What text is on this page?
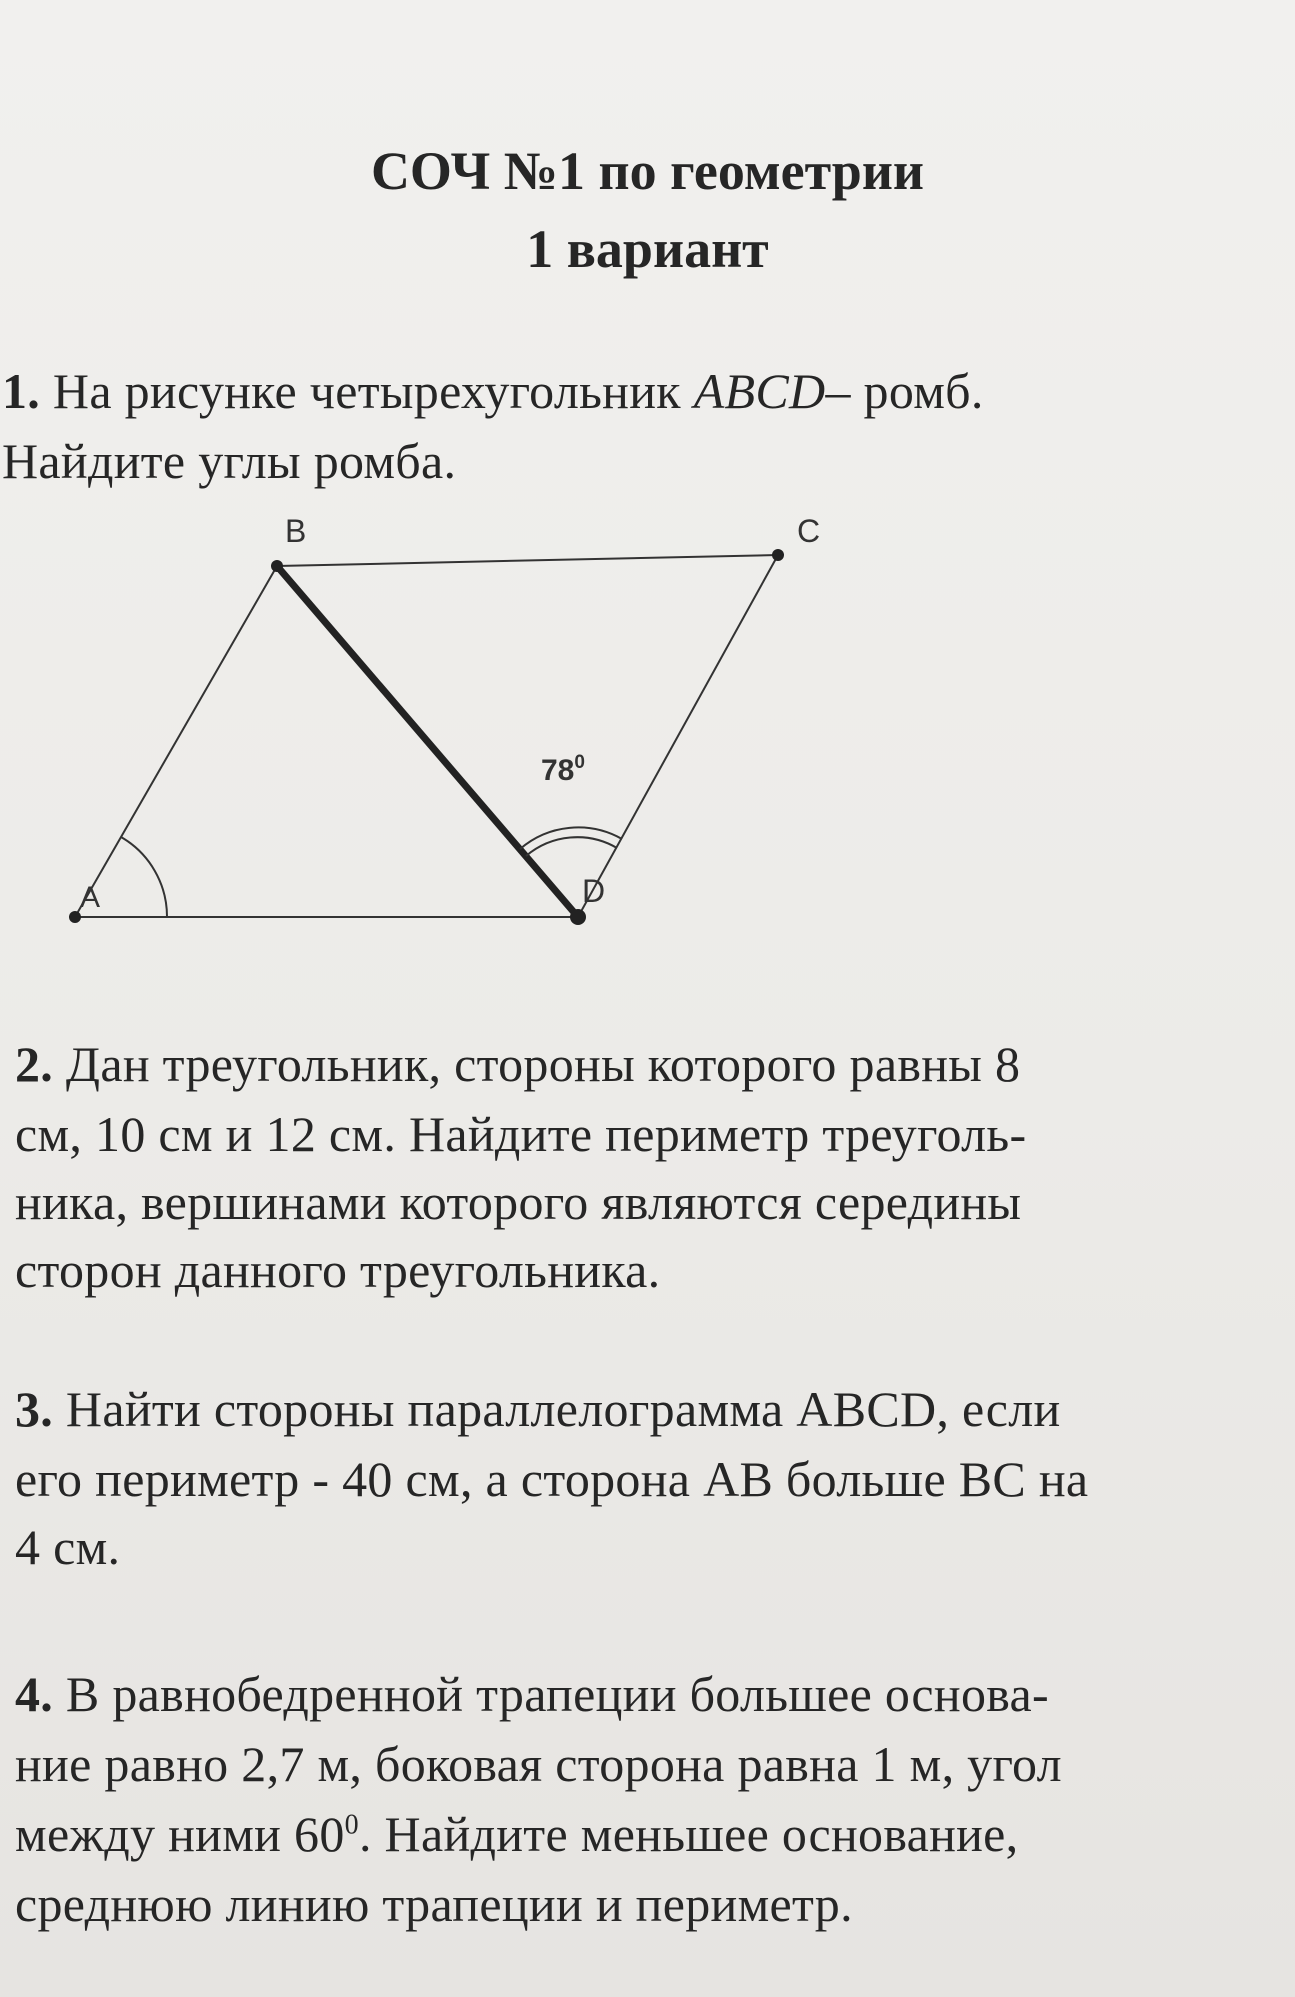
СОЧ №1 по геометрии
1 вариант
1. На рисунке четырехугольник ABCD– ромб.
Найдите углы ромба.
A
B	C
D
$78^0$
2. Дан треугольник, стороны которого равны 8
см, 10 см и 12 см. Найдите периметр треуголь-
ника, вершинами которого являются середины
сторон данного треугольника.
3. Найти стороны параллелограмма ABCD, если
его периметр - 40 см, а сторона AB больше BC на
4 см.
4. В равнобедренной трапеции большее основа-
ние равно 2,7 м, боковая сторона равна 1 м, угол
между ними $60^0$. Найдите меньшее основание,
среднюю линию трапеции и периметр.
